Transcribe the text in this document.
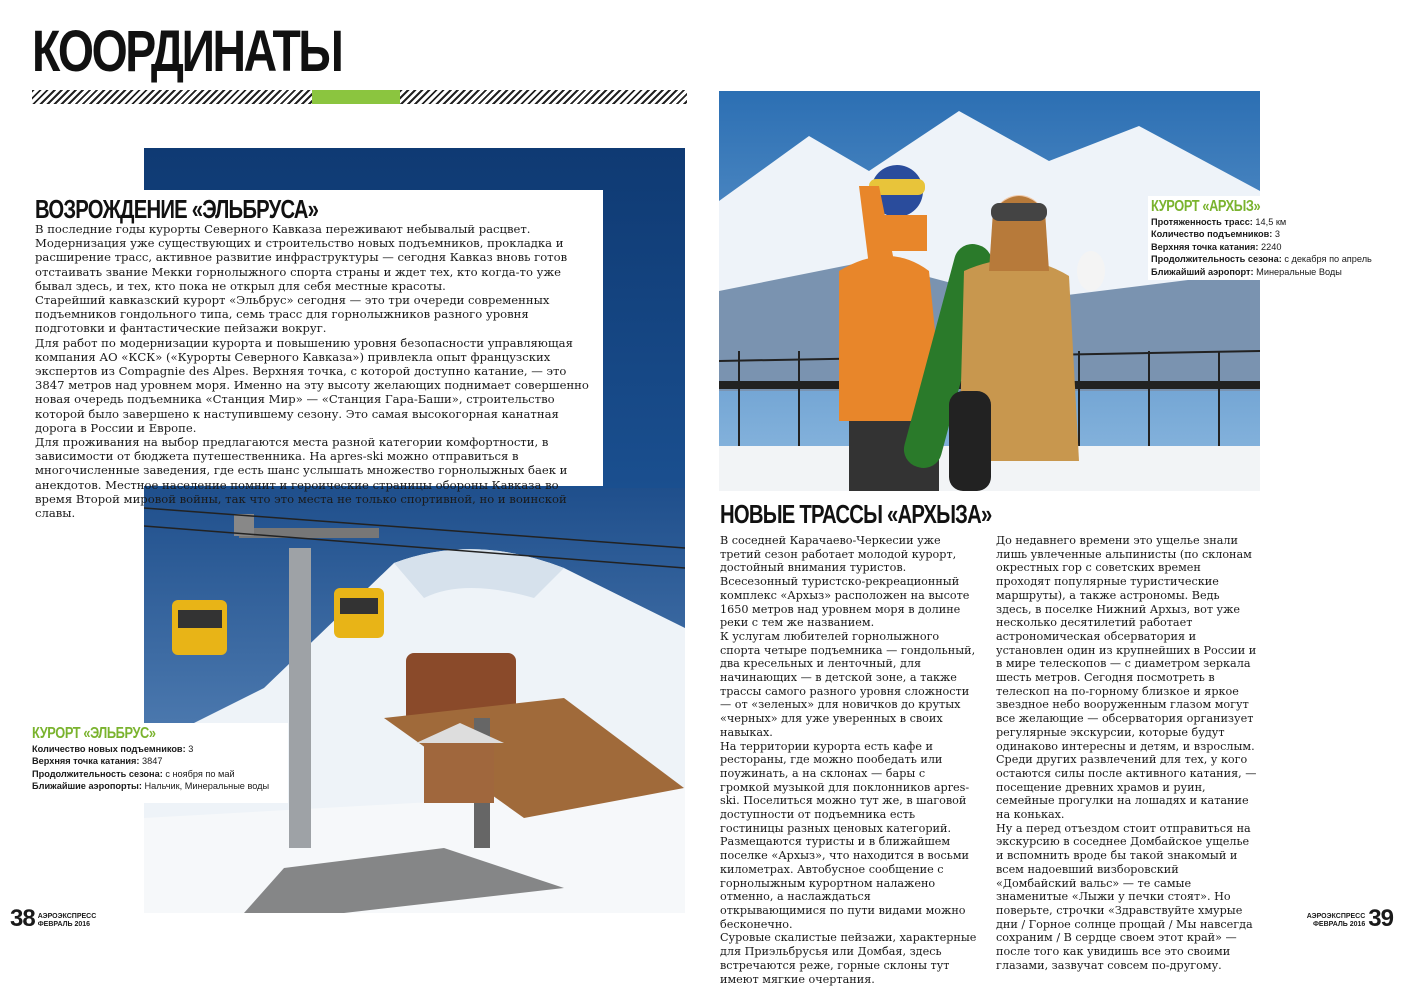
КООРДИНАТЫ
ВОЗРОЖДЕНИЕ «ЭЛЬБРУСА»

В последние годы курорты Северного Кавказа переживают небывалый расцвет. Модернизация уже существующих и строительство новых подъемников, прокладка и расширение трасс, активное развитие инфраструктуры — сегодня Кавказ вновь готов отстаивать звание Мекки горнолыжного спорта страны и ждет тех, кто когда-то уже бывал здесь, и тех, кто пока не открыл для себя местные красоты.

Старейший кавказский курорт «Эльбрус» сегодня — это три очереди современных подъемников гондольного типа, семь трасс для горнолыжников разного уровня подготовки и фантастические пейзажи вокруг.

Для работ по модернизации курорта и повышению уровня безопасности управляющая компания АО «КСК» («Курорты Северного Кавказа») привлекла опыт французских экспертов из Compagnie des Alpes. Верхняя точка, с которой доступно катание, — это 3847 метров над уровнем моря. Именно на эту высоту желающих поднимает совершенно новая очередь подъемника «Станция Мир» — «Станция Гара-Баши», строительство которой было завершено к наступившему сезону. Это самая высокогорная канатная дорога в России и Европе.

Для проживания на выбор предлагаются места разной категории комфортности, в зависимости от бюджета путешественника. На apres-ski можно отправиться в многочисленные заведения, где есть шанс услышать множество горнолыжных баек и анекдотов. Местное население помнит и героические страницы обороны Кавказа во время Второй мировой войны, так что это места не только спортивной, но и воинской славы.

КУРОРТ «ЭЛЬБРУС»
Количество новых подъемников: 3
Верхняя точка катания: 3847
Продолжительность сезона: с ноября по май
Ближайшие аэропорты: Нальчик, Минеральные воды
КУРОРТ «АРХЫЗ»
Протяженность трасс: 14,5 км
Количество подъемников: 3
Верхняя точка катания: 2240
Продолжительность сезона: с декабря по апрель
Ближайший аэропорт: Минеральные Воды
НОВЫЕ ТРАССЫ «АРХЫЗА»

В соседней Карачаево-Черкесии уже третий сезон работает молодой курорт, достойный внимания туристов. Всесезонный туристско-рекреационный комплекс «Архыз» расположен на высоте 1650 метров над уровнем моря в долине реки с тем же названием.

К услугам любителей горнолыжного спорта четыре подъемника — гондольный, два кресельных и ленточный, для начинающих — в детской зоне, а также трассы самого разного уровня сложности — от «зеленых» для новичков до крутых «черных» для уже уверенных в своих навыках.

На территории курорта есть кафе и рестораны, где можно пообедать или поужинать, а на склонах — бары с громкой музыкой для поклонников apres-ski. Поселиться можно тут же, в шаговой доступности от подъемника есть гостиницы разных ценовых категорий. Размещаются туристы и в ближайшем поселке «Архыз», что находится в восьми километрах. Автобусное сообщение с горнолыжным курортном налажено отменно, а наслаждаться открывающимися по пути видами можно бесконечно.

Суровые скалистые пейзажи, характерные для Приэльбрусья или Домбая, здесь встречаются реже, горные склоны тут имеют мягкие очертания.

До недавнего времени это ущелье знали лишь увлеченные альпинисты (по склонам окрестных гор с советских времен проходят популярные туристические маршруты), а также астрономы. Ведь здесь, в поселке Нижний Архыз, вот уже несколько десятилетий работает астрономическая обсерватория и установлен один из крупнейших в России и в мире телескопов — с диаметром зеркала шесть метров. Сегодня посмотреть в телескоп на по-горному близкое и яркое звездное небо вооруженным глазом могут все желающие — обсерватория организует регулярные экскурсии, которые будут одинаково интересны и детям, и взрослым. Среди других развлечений для тех, у кого остаются силы после активного катания, — посещение древних храмов и руин, семейные прогулки на лошадях и катание на коньках.

Ну а перед отъездом стоит отправиться на экскурсию в соседнее Домбайское ущелье и вспомнить вроде бы такой знакомый и всем надоевший визборовский «Домбайский вальс» — те самые знаменитые «Лыжи у печки стоят». Но поверьте, строчки «Здравствуйте хмурые дни / Горное солнце прощай / Мы навсегда сохраним / В сердце своем этот край» — после того как увидишь все это своими глазами, зазвучат совсем по-другому.

38 АЭРОЭКСПРЕСС
ФЕВРАЛЬ 2016
АЭРОЭКСПРЕСС
ФЕВРАЛЬ 2016 39
